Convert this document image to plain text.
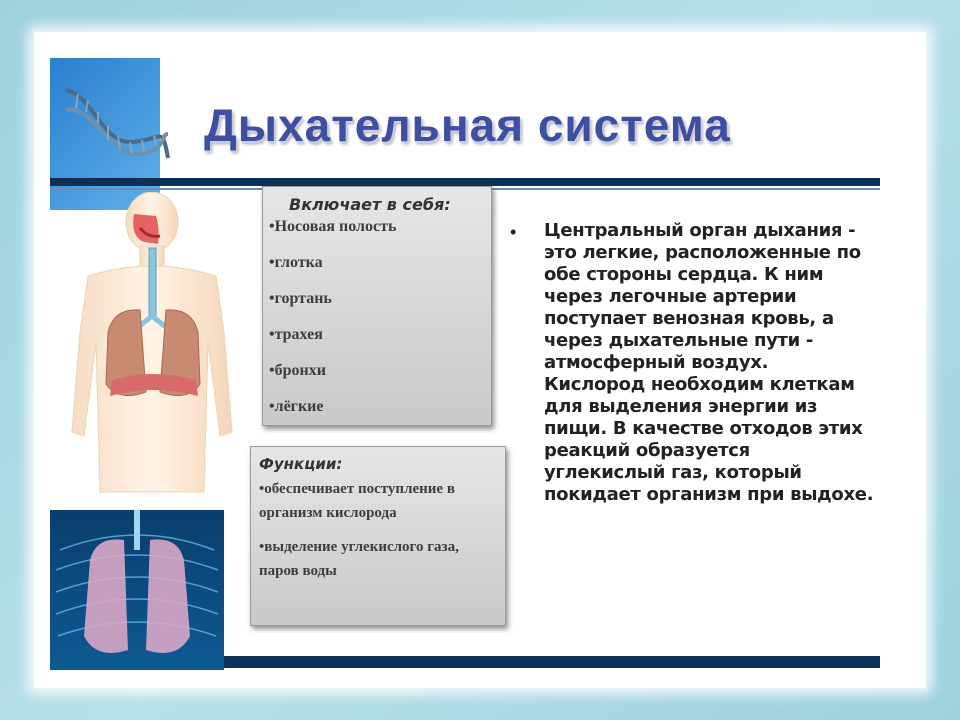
Дыхательная система
Включает в себя:
•Носовая полость
•глотка
•гортань
•трахея
•бронхи
•лёгкие
Функции:
•обеспечивает поступление в организм кислорода
•выделение углекислого газа, паров воды
• Центральный орган дыхания - это легкие, расположенные по обе стороны сердца. К ним через легочные артерии поступает венозная кровь, а через дыхательные пути - атмосферный воздух. Кислород необходим клеткам для выделения энергии из пищи. В качестве отходов этих реакций образуется углекислый газ, который покидает организм при выдохе.
